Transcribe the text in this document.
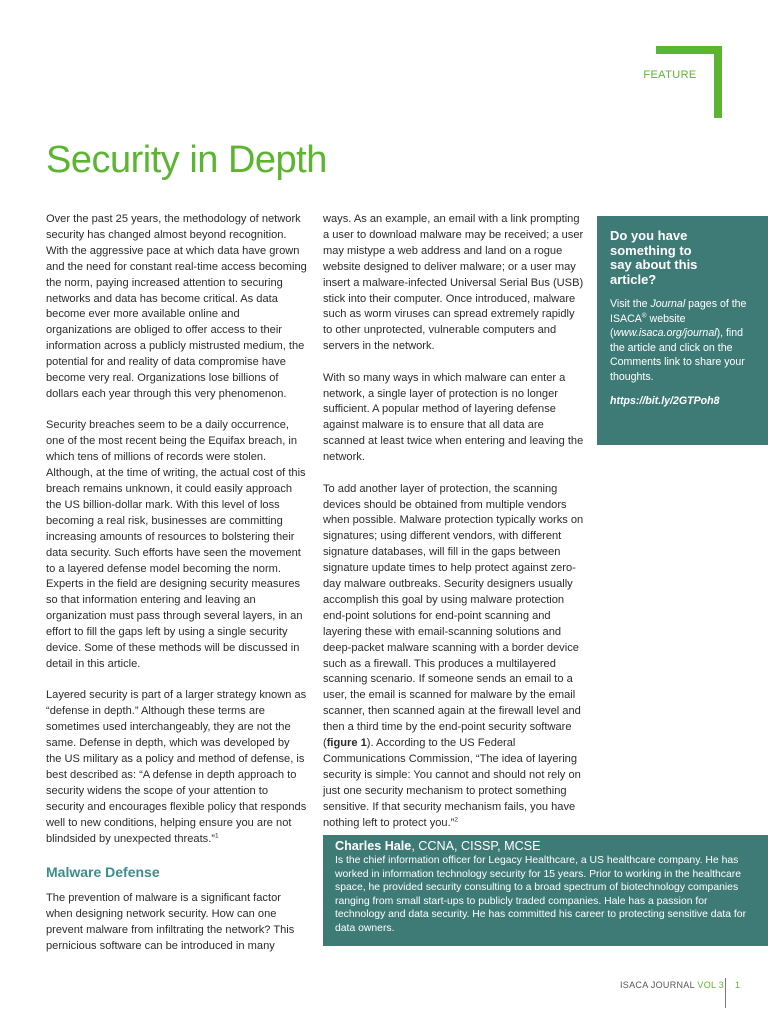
FEATURE
Security in Depth

Over the past 25 years, the methodology of network security has changed almost beyond recognition. With the aggressive pace at which data have grown and the need for constant real-time access becoming the norm, paying increased attention to securing networks and data has become critical. As data become ever more available online and organizations are obliged to offer access to their information across a publicly mistrusted medium, the potential for and reality of data compromise have become very real. Organizations lose billions of dollars each year through this very phenomenon.

Security breaches seem to be a daily occurrence, one of the most recent being the Equifax breach, in which tens of millions of records were stolen. Although, at the time of writing, the actual cost of this breach remains unknown, it could easily approach the US billion-dollar mark. With this level of loss becoming a real risk, businesses are committing increasing amounts of resources to bolstering their data security. Such efforts have seen the movement to a layered defense model becoming the norm. Experts in the field are designing security measures so that information entering and leaving an organization must pass through several layers, in an effort to fill the gaps left by using a single security device. Some of these methods will be discussed in detail in this article.

Layered security is part of a larger strategy known as “defense in depth.” Although these terms are sometimes used interchangeably, they are not the same. Defense in depth, which was developed by the US military as a policy and method of defense, is best described as: “A defense in depth approach to security widens the scope of your attention to security and encourages flexible policy that responds well to new conditions, helping ensure you are not blindsided by unexpected threats.”$^1$

Malware Defense

The prevention of malware is a significant factor when designing network security. How can one prevent malware from infiltrating the network? This pernicious software can be introduced in many

ways. As an example, an email with a link prompting a user to download malware may be received; a user may mistype a web address and land on a rogue website designed to deliver malware; or a user may insert a malware-infected Universal Serial Bus (USB) stick into their computer. Once introduced, malware such as worm viruses can spread extremely rapidly to other unprotected, vulnerable computers and servers in the network.

With so many ways in which malware can enter a network, a single layer of protection is no longer sufficient. A popular method of layering defense against malware is to ensure that all data are scanned at least twice when entering and leaving the network.

To add another layer of protection, the scanning devices should be obtained from multiple vendors when possible. Malware protection typically works on signatures; using different vendors, with different signature databases, will fill in the gaps between signature update times to help protect against zero-day malware outbreaks. Security designers usually accomplish this goal by using malware protection end-point solutions for end-point scanning and layering these with email-scanning solutions and deep-packet malware scanning with a border device such as a firewall. This produces a multilayered scanning scenario. If someone sends an email to a user, the email is scanned for malware by the email scanner, then scanned again at the firewall level and then a third time by the end-point security software (figure 1). According to the US Federal Communications Commission, “The idea of layering security is simple: You cannot and should not rely on just one security mechanism to protect something sensitive. If that security mechanism fails, you have nothing left to protect you.”$^2$

Do you have something to say about this article?

Visit the Journal pages of the ISACA® website (www.isaca.org/journal), find the article and click on the Comments link to share your thoughts.

https://bit.ly/2GTPoh8

Charles Hale, CCNA, CISSP, MCSE

Is the chief information officer for Legacy Healthcare, a US healthcare company. He has worked in information technology security for 15 years. Prior to working in the healthcare space, he provided security consulting to a broad spectrum of biotechnology companies ranging from small start-ups to publicly traded companies. Hale has a passion for technology and data security. He has committed his career to protecting sensitive data for data owners.

ISACA JOURNAL VOL 3 1
